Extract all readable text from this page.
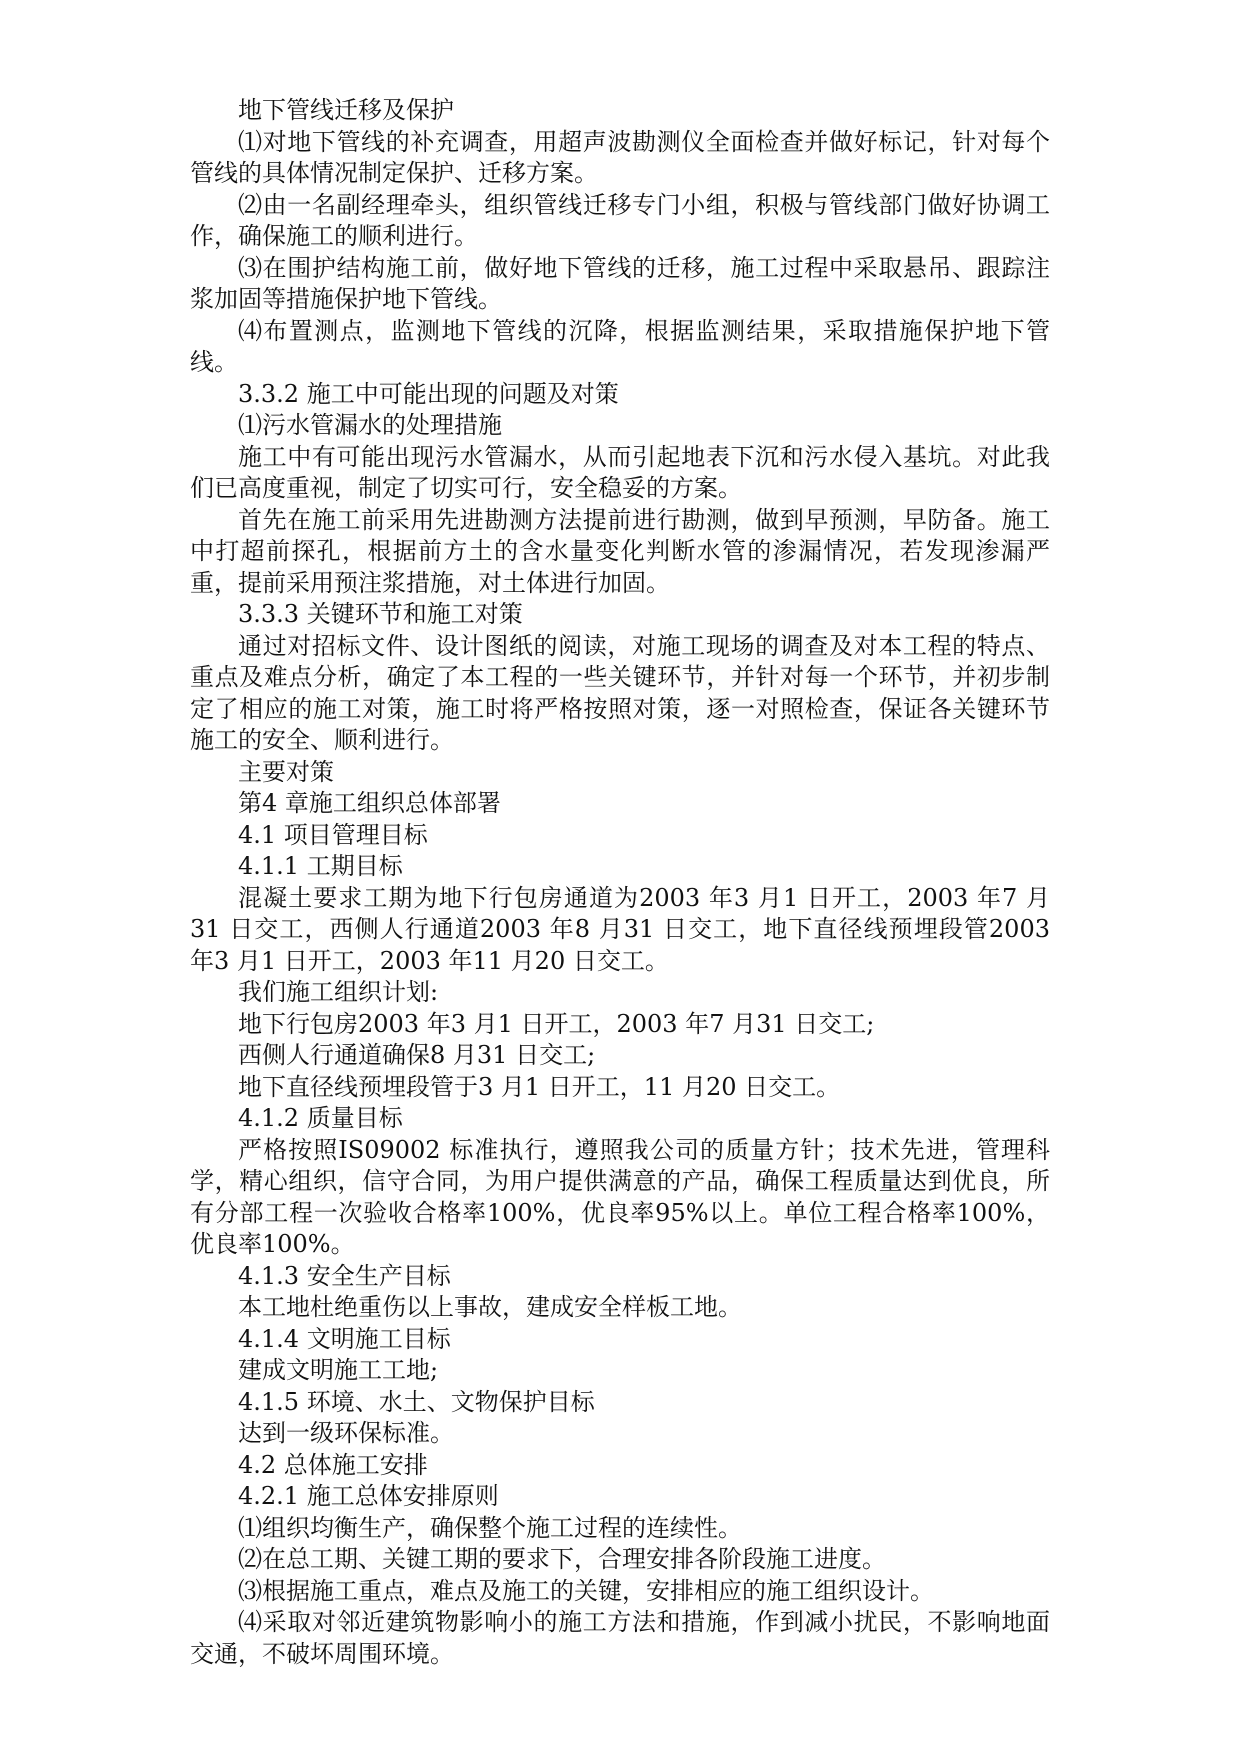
地下管线迁移及保护

⑴对地下管线的补充调查，用超声波勘测仪全面检查并做好标记，针对每个管线的具体情况制定保护、迁移方案。

⑵由一名副经理牵头，组织管线迁移专门小组，积极与管线部门做好协调工作，确保施工的顺利进行。

⑶在围护结构施工前，做好地下管线的迁移，施工过程中采取悬吊、跟踪注浆加固等措施保护地下管线。

⑷布置测点，监测地下管线的沉降，根据监测结果，采取措施保护地下管线。

3.3.2 施工中可能出现的问题及对策

⑴污水管漏水的处理措施

施工中有可能出现污水管漏水，从而引起地表下沉和污水侵入基坑。对此我们已高度重视，制定了切实可行，安全稳妥的方案。

首先在施工前采用先进勘测方法提前进行勘测，做到早预测，早防备。施工中打超前探孔，根据前方土的含水量变化判断水管的渗漏情况，若发现渗漏严重，提前采用预注浆措施，对土体进行加固。

3.3.3 关键环节和施工对策

通过对招标文件、设计图纸的阅读，对施工现场的调查及对本工程的特点、重点及难点分析，确定了本工程的一些关键环节，并针对每一个环节，并初步制定了相应的施工对策，施工时将严格按照对策，逐一对照检查，保证各关键环节施工的安全、顺利进行。

主要对策

第4 章施工组织总体部署

4.1 项目管理目标

4.1.1 工期目标

混凝土要求工期为地下行包房通道为2003 年3 月1 日开工，2003 年7 月31 日交工，西侧人行通道2003 年8 月31 日交工，地下直径线预埋段管2003 年3 月1 日开工，2003 年11 月20 日交工。

我们施工组织计划:

地下行包房2003 年3 月1 日开工，2003 年7 月31 日交工;

西侧人行通道确保8 月31 日交工;

地下直径线预埋段管于3 月1 日开工，11 月20 日交工。

4.1.2 质量目标

严格按照IS09002 标准执行，遵照我公司的质量方针；技术先进，管理科学，精心组织，信守合同，为用户提供满意的产品，确保工程质量达到优良，所有分部工程一次验收合格率100%，优良率95%以上。单位工程合格率100%，优良率100%。

4.1.3 安全生产目标

本工地杜绝重伤以上事故，建成安全样板工地。

4.1.4 文明施工目标

建成文明施工工地;

4.1.5 环境、水土、文物保护目标

达到一级环保标准。

4.2 总体施工安排

4.2.1 施工总体安排原则

⑴组织均衡生产，确保整个施工过程的连续性。

⑵在总工期、关键工期的要求下，合理安排各阶段施工进度。

⑶根据施工重点，难点及施工的关键，安排相应的施工组织设计。

⑷采取对邻近建筑物影响小的施工方法和措施，作到减小扰民，不影响地面交通，不破坏周围环境。
